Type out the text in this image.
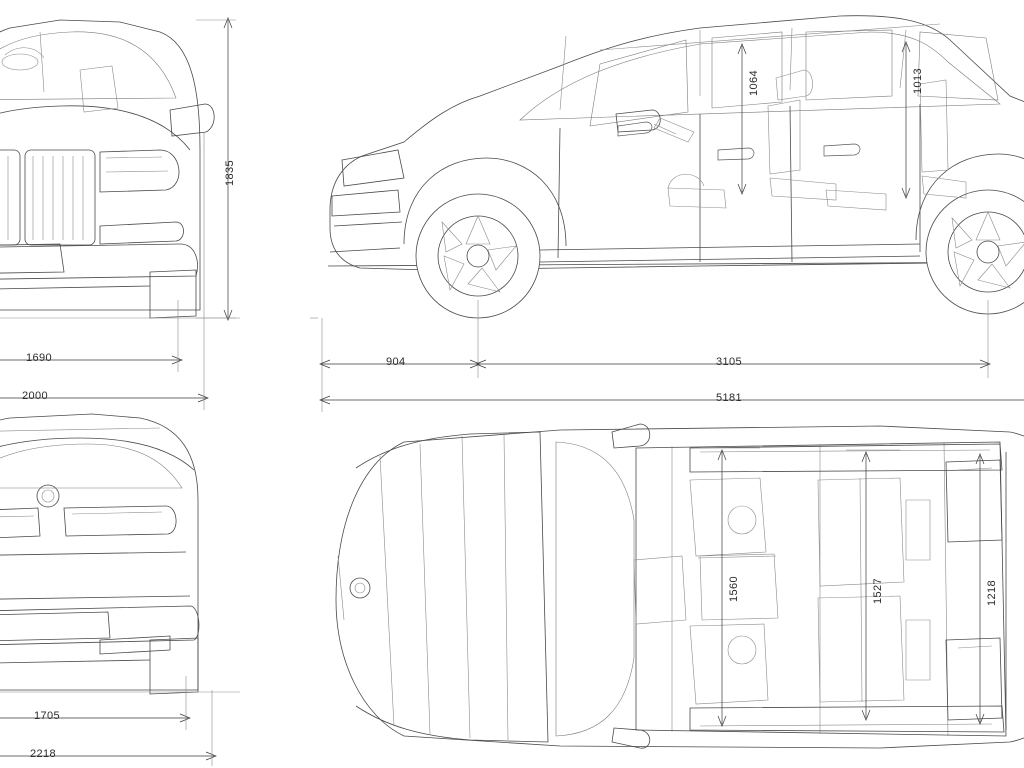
1835
1690
2000
1064	1013
904	3105
5181
1705
2218
1560	1527	1218
